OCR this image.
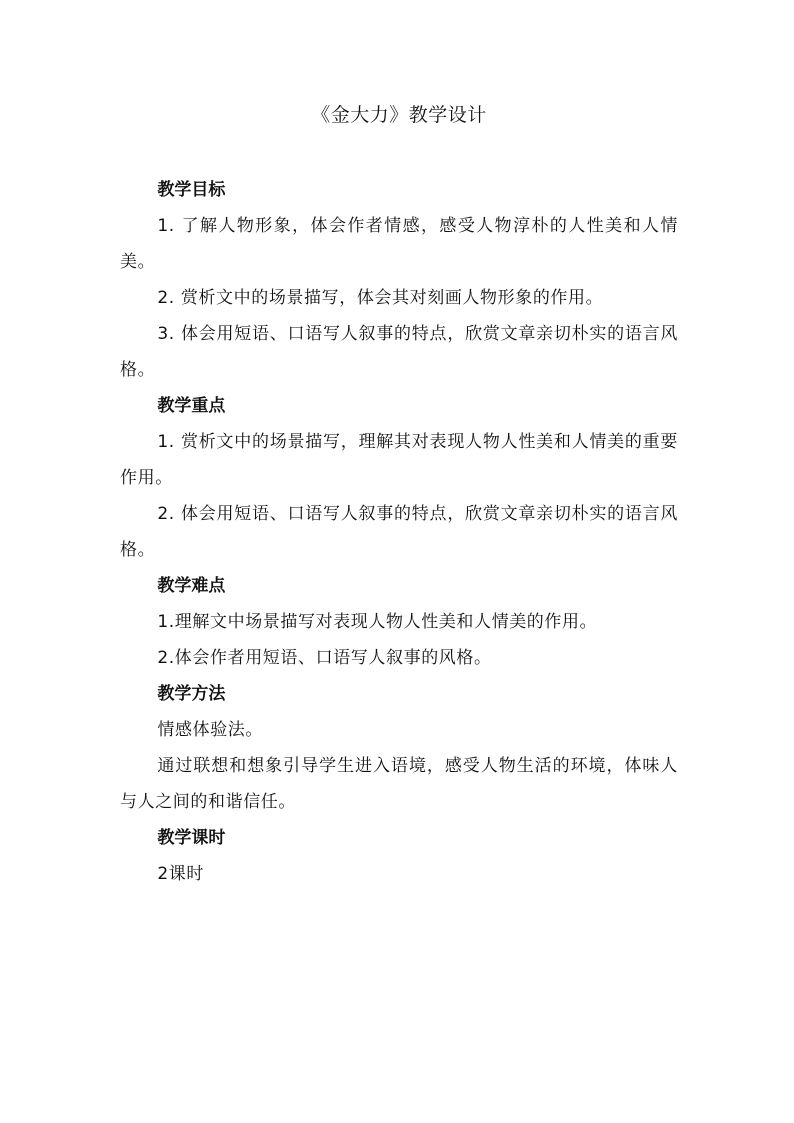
《金大力》教学设计

教学目标

1. 了解人物形象，体会作者情感，感受人物淳朴的人性美和人情美。

2. 赏析文中的场景描写，体会其对刻画人物形象的作用。

3. 体会用短语、口语写人叙事的特点，欣赏文章亲切朴实的语言风格。

教学重点

1. 赏析文中的场景描写，理解其对表现人物人性美和人情美的重要作用。

2. 体会用短语、口语写人叙事的特点，欣赏文章亲切朴实的语言风格。

教学难点

1.理解文中场景描写对表现人物人性美和人情美的作用。

2.体会作者用短语、口语写人叙事的风格。

教学方法

情感体验法。

通过联想和想象引导学生进入语境，感受人物生活的环境，体味人与人之间的和谐信任。

教学课时

2课时
